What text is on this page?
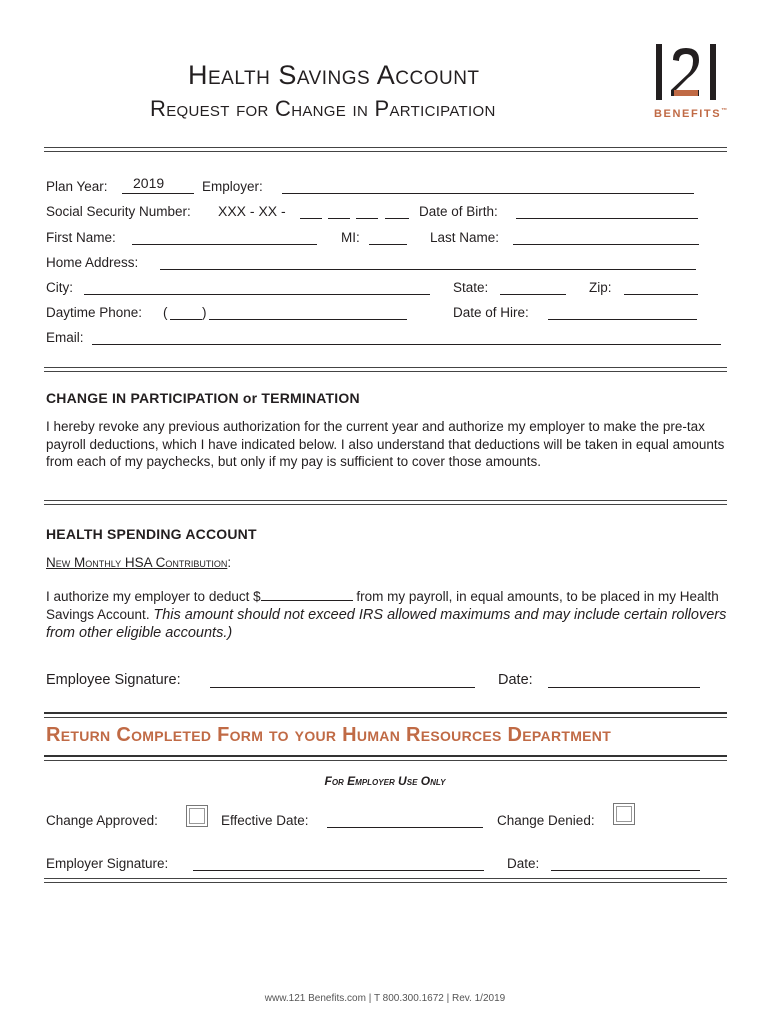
Health Savings Account
Request for Change in Participation	BENEFITS™
Plan Year: 2019	Employer:
Social Security Number: XXX - XX -	Date of Birth:
First Name:	MI:	Last Name:
Home Address:
City:	State:	Zip:
Daytime Phone: (	)	Date of Hire:
Email:
CHANGE IN PARTICIPATION or TERMINATION
I hereby revoke any previous authorization for the current year and authorize my employer to make the pre-tax payroll deductions, which I have indicated below. I also understand that deductions will be taken in equal amounts from each of my paychecks, but only if my pay is sufficient to cover those amounts.
HEALTH SPENDING ACCOUNT
New Monthly HSA Contribution:
I authorize my employer to deduct $	from my payroll, in equal amounts, to be placed in my Health Savings Account. This amount should not exceed IRS allowed maximums and may include certain rollovers from other eligible accounts.)
Employee Signature:	Date:
Return Completed Form to your Human Resources Department
For Employer Use Only
Change Approved:	Effective Date:	Change Denied:
Employer Signature:	Date:
www.121 Benefits.com | T 800.300.1672 | Rev. 1/2019
